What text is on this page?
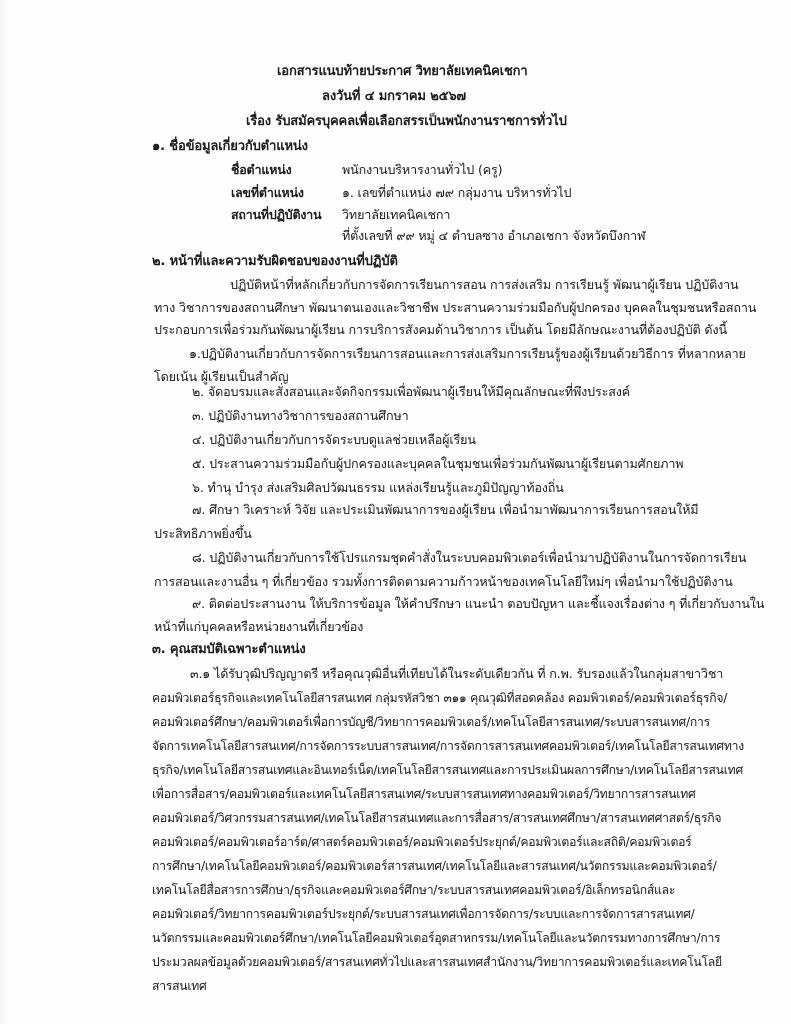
เอกสารแนบท้ายประกาศ วิทยาลัยเทคนิคเชกา
ลงวันที่ ๔ มกราคม ๒๕๖๗
เรื่อง รับสมัครบุคคลเพื่อเลือกสรรเป็นพนักงานราชการทั่วไป
๑. ชื่อข้อมูลเกี่ยวกับตำแหน่ง
ชื่อตำแหน่ง	พนักงานบริหารงานทั่วไป (ครู)
เลขที่ตำแหน่ง	๑. เลขที่ตำแหน่ง ๗๙ กลุ่มงาน บริหารทั่วไป
สถานที่ปฏิบัติงาน วิทยาลัยเทคนิคเชกา
ที่ตั้งเลขที่ ๙๙ หมู่ ๔ ตำบลซาง อำเภอเชกา จังหวัดบึงกาฬ
๒. หน้าที่และความรับผิดชอบของงานที่ปฏิบัติ
ปฏิบัติหน้าที่หลักเกี่ยวกับการจัดการเรียนการสอน การส่งเสริม การเรียนรู้ พัฒนาผู้เรียน ปฏิบัติงาน
ทาง วิชาการของสถานศึกษา พัฒนาตนเองและวิชาชีพ ประสานความร่วมมือกับผู้ปกครอง บุคคลในชุมชนหรือสถาน
ประกอบการเพื่อร่วมกันพัฒนาผู้เรียน การบริการสังคมด้านวิชาการ เป็นต้น โดยมีลักษณะงานที่ต้องปฏิบัติ ดังนี้
๑.ปฏิบัติงานเกี่ยวกับการจัดการเรียนการสอนและการส่งเสริมการเรียนรู้ของผู้เรียนด้วยวิธีการ ที่หลากหลาย
โดยเน้น ผู้เรียนเป็นสำคัญ
๒. จัดอบรมและสั่งสอนและจัดกิจกรรมเพื่อพัฒนาผู้เรียนให้มีคุณลักษณะที่พึงประสงค์
๓. ปฏิบัติงานทางวิชาการของสถานศึกษา
๔. ปฏิบัติงานเกี่ยวกับการจัดระบบดูแลช่วยเหลือผู้เรียน
๕. ประสานความร่วมมือกับผู้ปกครองและบุคคลในชุมชนเพื่อร่วมกันพัฒนาผู้เรียนตามศักยภาพ
๖. ทำนุ บำรุง ส่งเสริมศิลปวัฒนธรรม แหล่งเรียนรู้และภูมิปัญญาท้องถิ่น
๗. ศึกษา วิเคราะห์ วิจัย และประเมินพัฒนาการของผู้เรียน เพื่อนำมาพัฒนาการเรียนการสอนให้มี
ประสิทธิภาพยิ่งขึ้น
๘. ปฏิบัติงานเกี่ยวกับการใช้โปรแกรมชุดคำสั่งในระบบคอมพิวเตอร์เพื่อนำมาปฏิบัติงานในการจัดการเรียน
การสอนและงานอื่น ๆ ที่เกี่ยวข้อง รวมทั้งการติดตามความก้าวหน้าของเทคโนโลยีใหม่ๆ เพื่อนำมาใช้ปฏิบัติงาน
๙. ติดต่อประสานงาน ให้บริการข้อมูล ให้คำปรึกษา แนะนำ ตอบปัญหา และชี้แจงเรื่องต่าง ๆ ที่เกี่ยวกับงานใน
หน้าที่แก่บุคคลหรือหน่วยงานที่เกี่ยวข้อง
๓. คุณสมบัติเฉพาะตำแหน่ง
๓.๑ ได้รับวุฒิปริญญาตรี หรือคุณวุฒิอื่นที่เทียบได้ในระดับเดียวกัน ที่ ก.พ. รับรองแล้วในกลุ่มสาขาวิชา
คอมพิวเตอร์ธุรกิจและเทคโนโลยีสารสนเทศ กลุ่มรหัสวิชา ๓๑๑ คุณวุฒิที่สอดคล้อง คอมพิวเตอร์/คอมพิวเตอร์ธุรกิจ/
คอมพิวเตอร์ศึกษา/คอมพิวเตอร์เพื่อการบัญชี/วิทยาการคอมพิวเตอร์/เทคโนโลยีสารสนเทศ/ระบบสารสนเทศ/การ
จัดการเทคโนโลยีสารสนเทศ/การจัดการระบบสารสนเทศ/การจัดการสารสนเทศคอมพิวเตอร์/เทคโนโลยีสารสนเทศทาง
ธุรกิจ/เทคโนโลยีสารสนเทศและอินเทอร์เน็ต/เทคโนโลยีสารสนเทศและการประเมินผลการศึกษา/เทคโนโลยีสารสนเทศ
เพื่อการสื่อสาร/คอมพิวเตอร์และเทคโนโลยีสารสนเทศ/ระบบสารสนเทศทางคอมพิวเตอร์/วิทยาการสารสนเทศ
คอมพิวเตอร์/วิศวกรรมสารสนเทศ/เทคโนโลยีสารสนเทศและการสื่อสาร/สารสนเทศศึกษา/สารสนเทศศาสตร์/ธุรกิจ
คอมพิวเตอร์/คอมพิวเตอร์อาร์ต/ศาสตร์คอมพิวเตอร์/คอมพิวเตอร์ประยุกต์/คอมพิวเตอร์และสถิติ/คอมพิวเตอร์
การศึกษา/เทคโนโลยีคอมพิวเตอร์/คอมพิวเตอร์สารสนเทศ/เทคโนโลยีและสารสนเทศ/นวัตกรรมและคอมพิวเตอร์/
เทคโนโลยีสื่อสารการศึกษา/ธุรกิจและคอมพิวเตอร์ศึกษา/ระบบสารสนเทศคอมพิวเตอร์/อิเล็กทรอนิกส์และ
คอมพิวเตอร์/วิทยาการคอมพิวเตอร์ประยุกต์/ระบบสารสนเทศเพื่อการจัดการ/ระบบและการจัดการสารสนเทศ/
นวัตกรรมและคอมพิวเตอร์ศึกษา/เทคโนโลยีคอมพิวเตอร์อุตสาหกรรม/เทคโนโลยีและนวัตกรรมทางการศึกษา/การ
ประมวลผลข้อมูลด้วยคอมพิวเตอร์/สารสนเทศทั่วไปและสารสนเทศสำนักงาน/วิทยาการคอมพิวเตอร์และเทคโนโลยี
สารสนเทศ
